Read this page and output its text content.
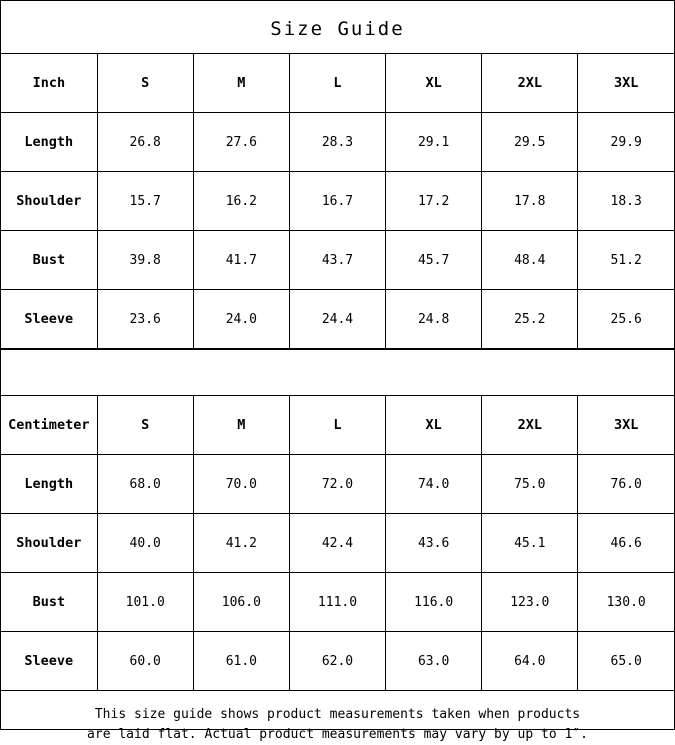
Size Guide
Inch	S	M	L	XL	2XL	3XL
Length	26.8	27.6	28.3	29.1	29.5	29.9
Shoulder	15.7	16.2	16.7	17.2	17.8	18.3
Bust	39.8	41.7	43.7	45.7	48.4	51.2
Sleeve	23.6	24.0	24.4	24.8	25.2	25.6
Centimeter	S	M	L	XL	2XL	3XL
Length	68.0	70.0	72.0	74.0	75.0	76.0
Shoulder	40.0	41.2	42.4	43.6	45.1	46.6
Bust	101.0	106.0	111.0	116.0	123.0	130.0
Sleeve	60.0	61.0	62.0	63.0	64.0	65.0
This size guide shows product measurements taken when products
are laid flat. Actual product measurements may vary by up to 1″.
